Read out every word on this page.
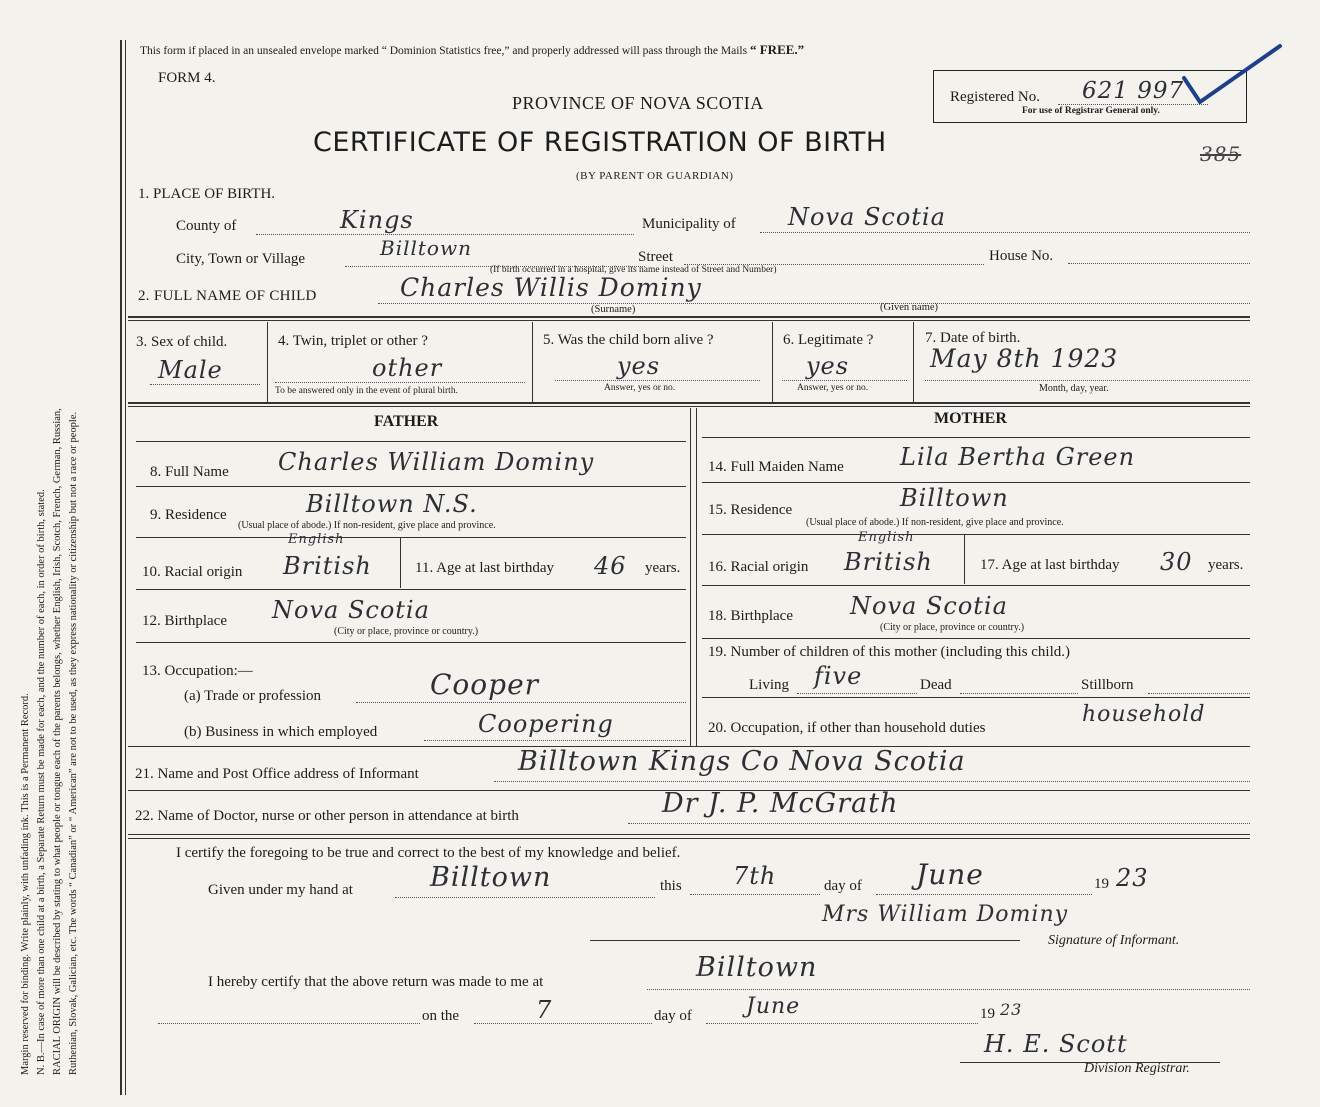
Margin reserved for binding. Write plainly, with unfading ink. This is a Permanent Record. N. B.—In case of more than one child at a birth, a Separate Return must be made for each, and the number of each, in order of birth, stated. RACIAL ORIGIN will be described by stating to what people or tongue each of the parents belongs, whether English, Irish, Scotch, French, German, Russian, Ruthenian, Slovak, Galician, etc. The words “ Canadian” or “ American” are not to be used, as they express nationality or citizenship but not a race or people.
This form if placed in an unsealed envelope marked “ Dominion Statistics free,” and properly addressed will pass through the Mails “ FREE.”
FORM 4.
PROVINCE OF NOVA SCOTIA
CERTIFICATE OF REGISTRATION OF BIRTH
(BY PARENT OR GUARDIAN)
Registered No. 621 997
For use of Registrar General only.
385
1. PLACE OF BIRTH.
County of	Kings	Municipality of Nova Scotia
City, Town or Village	Billtown	Street	House No.
(If birth occurred in a hospital, give its name instead of Street and Number)
2. FULL NAME OF CHILD	Charles Willis Dominy
(Surname)	(Given name)
3. Sex of child.
Male
4. Twin, triplet or other ?
other
To be answered only in the event of plural birth.
5. Was the child born alive ?
yes
Answer, yes or no.
6. Legitimate ?
yes
Answer, yes or no.
7. Date of birth.
May 8th 1923
Month, day, year.
FATHER	MOTHER
8. Full Name Charles William Dominy
9. Residence	Billtown N.S.
(Usual place of abode.) If non-resident, give place and province.
10. Racial origin
English
British	11. Age at last birthday 46 years.
12. Birthplace Nova Scotia
(City or place, province or country.)
13. Occupation:—
(a) Trade or profession	Cooper
(b) Business in which employed	Coopering
14. Full Maiden Name Lila Bertha Green
15. Residence	Billtown
(Usual place of abode.) If non-resident, give place and province.
16. Racial origin
English
British	17. Age at last birthday 30 years.
18. Birthplace Nova Scotia
(City or place, province or country.)
19. Number of children of this mother (including this child.)
Living five	Dead	Stillborn
20. Occupation, if other than household duties
household
21. Name and Post Office address of Informant	Billtown Kings Co Nova Scotia
22. Name of Doctor, nurse or other person in attendance at birth	Dr J. P. McGrath
I certify the foregoing to be true and correct to the best of my knowledge and belief.
Given under my hand at	Billtown	this 7th	day of June	19 23
Mrs William Dominy
Signature of Informant.
I hereby certify that the above return was made to me at	Billtown
on the	7	day of June	19 23
H. E. Scott
Division Registrar.
